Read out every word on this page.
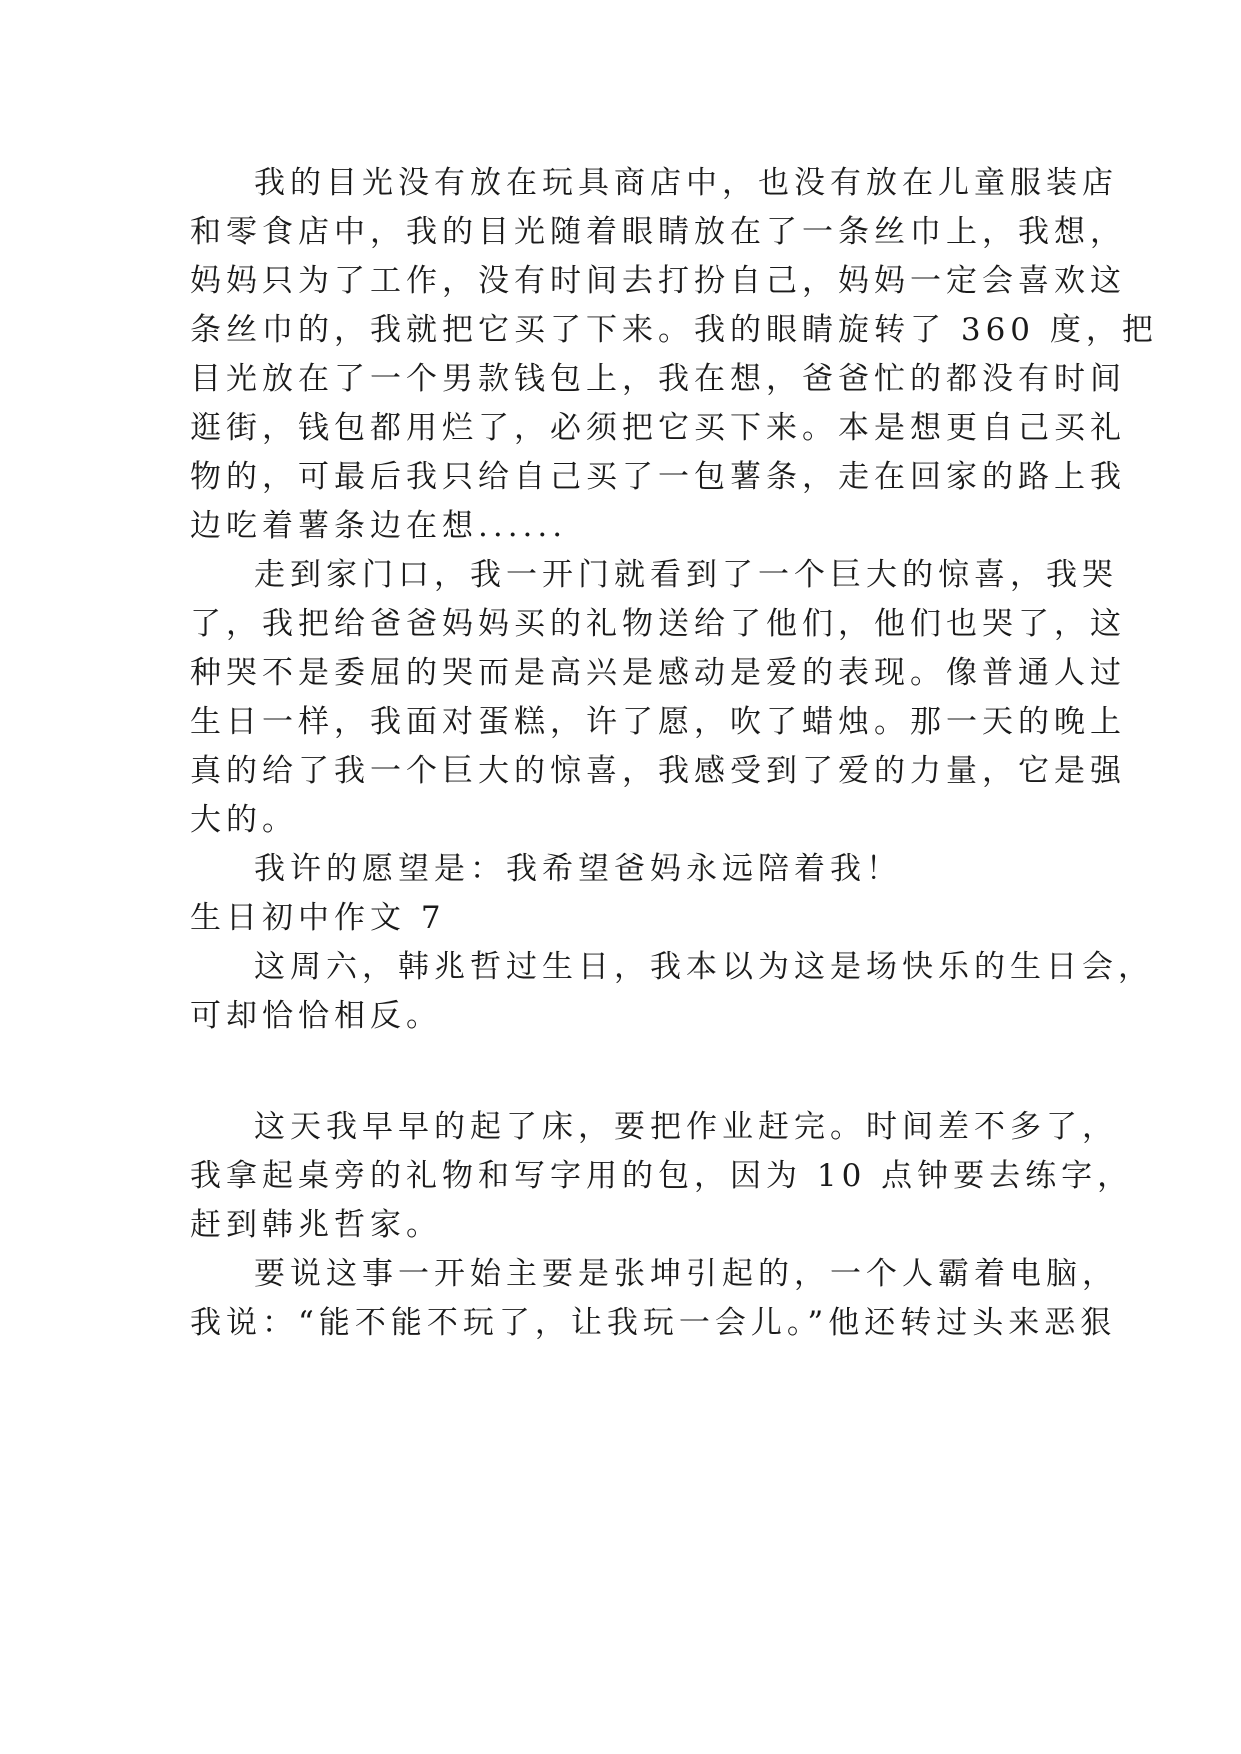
我的目光没有放在玩具商店中，也没有放在儿童服装店
和零食店中，我的目光随着眼睛放在了一条丝巾上，我想，
妈妈只为了工作，没有时间去打扮自己，妈妈一定会喜欢这
条丝巾的，我就把它买了下来。我的眼睛旋转了 360 度，把
目光放在了一个男款钱包上，我在想，爸爸忙的都没有时间
逛街，钱包都用烂了，必须把它买下来。本是想更自己买礼
物的，可最后我只给自己买了一包薯条，走在回家的路上我
边吃着薯条边在想......
走到家门口，我一开门就看到了一个巨大的惊喜，我哭
了，我把给爸爸妈妈买的礼物送给了他们，他们也哭了，这
种哭不是委屈的哭而是高兴是感动是爱的表现。像普通人过
生日一样，我面对蛋糕，许了愿，吹了蜡烛。那一天的晚上
真的给了我一个巨大的惊喜，我感受到了爱的力量，它是强
大的。
我许的愿望是：我希望爸妈永远陪着我！
生日初中作文 7
这周六，韩兆哲过生日，我本以为这是场快乐的生日会，
可却恰恰相反。
这天我早早的起了床，要把作业赶完。时间差不多了，
我拿起桌旁的礼物和写字用的包，因为 10 点钟要去练字，
赶到韩兆哲家。
要说这事一开始主要是张坤引起的，一个人霸着电脑，
我说：“能不能不玩了，让我玩一会儿。”他还转过头来恶狠
